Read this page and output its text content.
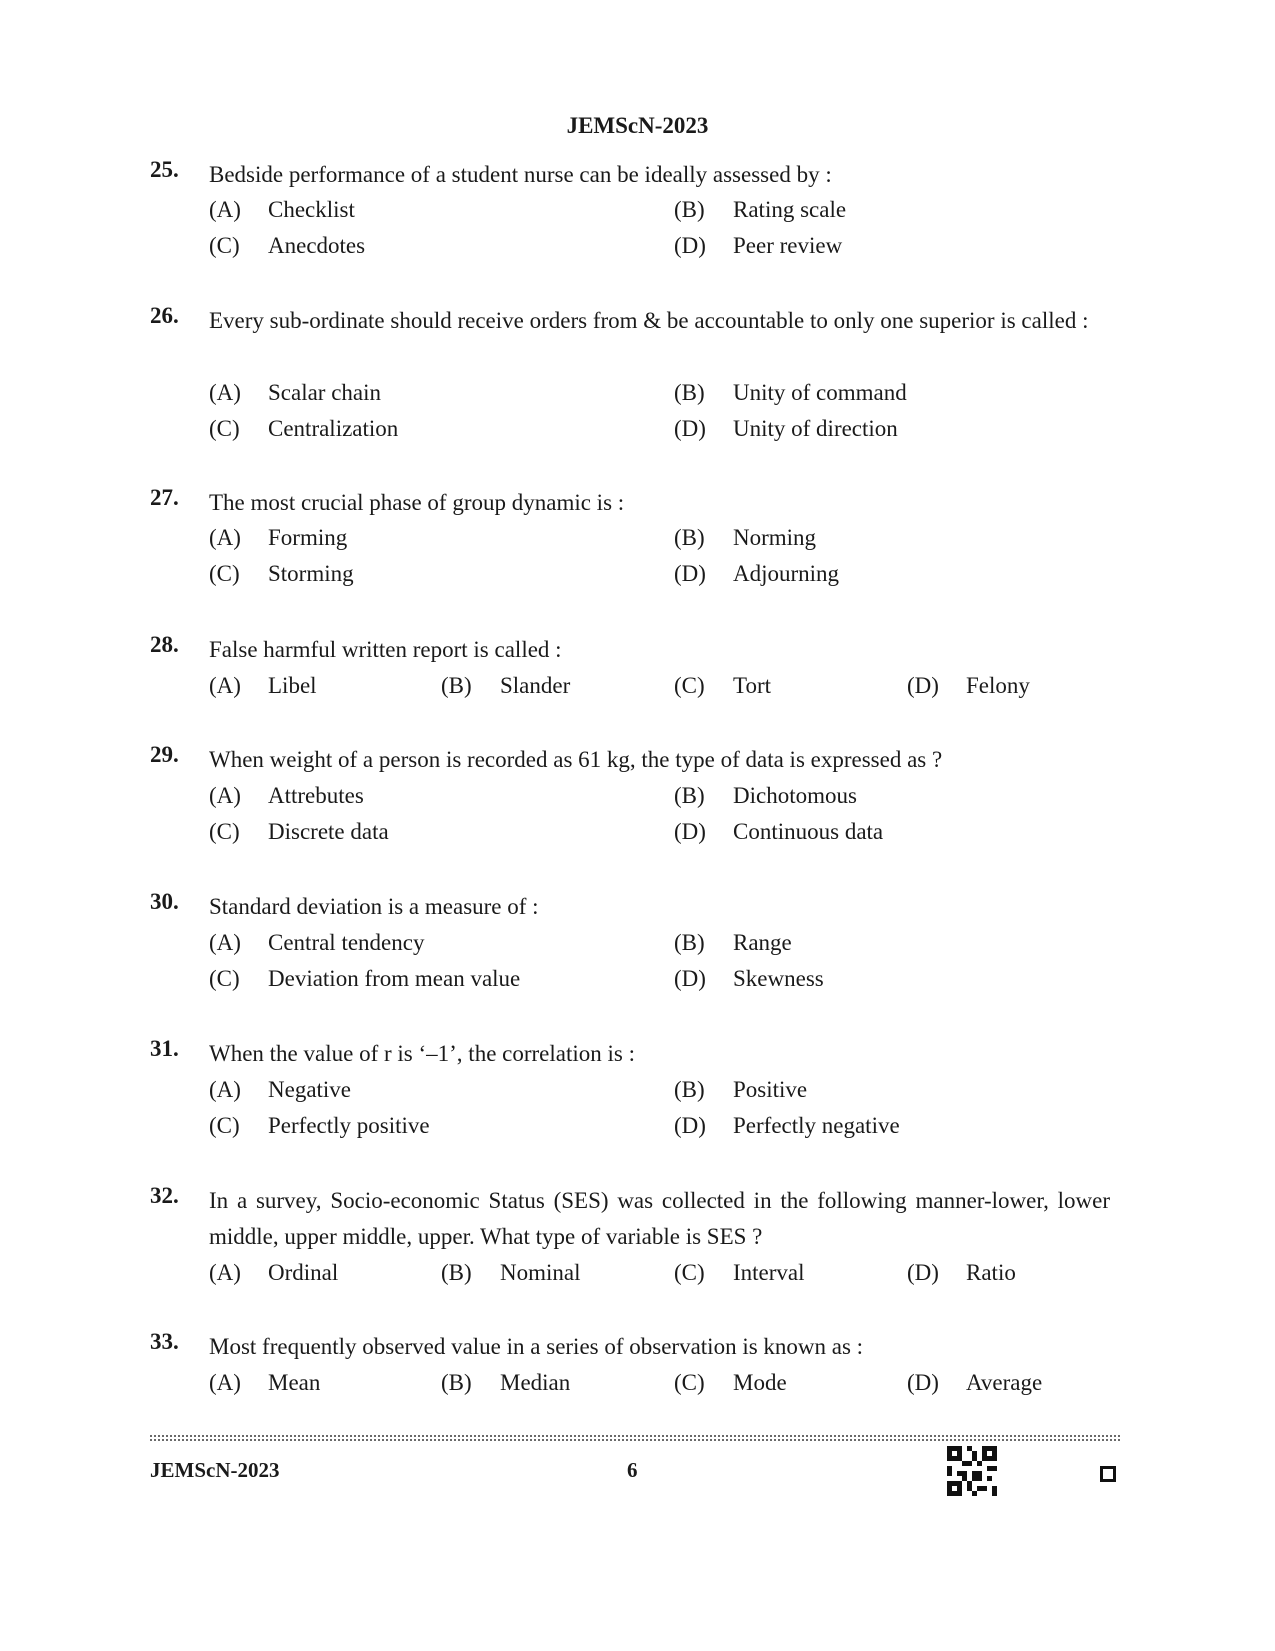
JEMScN-2023
25. Bedside performance of a student nurse can be ideally assessed by :
(A) Checklist	(B) Rating scale
(C) Anecdotes	(D) Peer review
26. Every sub-ordinate should receive orders from & be accountable to only one superior is called :
(A) Scalar chain	(B) Unity of command
(C) Centralization	(D) Unity of direction
27. The most crucial phase of group dynamic is :
(A) Forming	(B) Norming
(C) Storming	(D) Adjourning
28. False harmful written report is called :
(A) Libel	(B) Slander	(C) Tort	(D) Felony
29. When weight of a person is recorded as 61 kg, the type of data is expressed as ?
(A) Attrebutes	(B) Dichotomous
(C) Discrete data	(D) Continuous data
30. Standard deviation is a measure of :
(A) Central tendency	(B) Range
(C) Deviation from mean value	(D) Skewness
31. When the value of r is ‘–1’, the correlation is :
(A) Negative	(B) Positive
(C) Perfectly positive	(D) Perfectly negative
32. In a survey, Socio-economic Status (SES) was collected in the following manner-lower, lower middle, upper middle, upper. What type of variable is SES ?
(A) Ordinal	(B) Nominal	(C) Interval	(D) Ratio
33. Most frequently observed value in a series of observation is known as :
(A) Mean	(B) Median	(C) Mode	(D) Average
JEMScN-2023	6
